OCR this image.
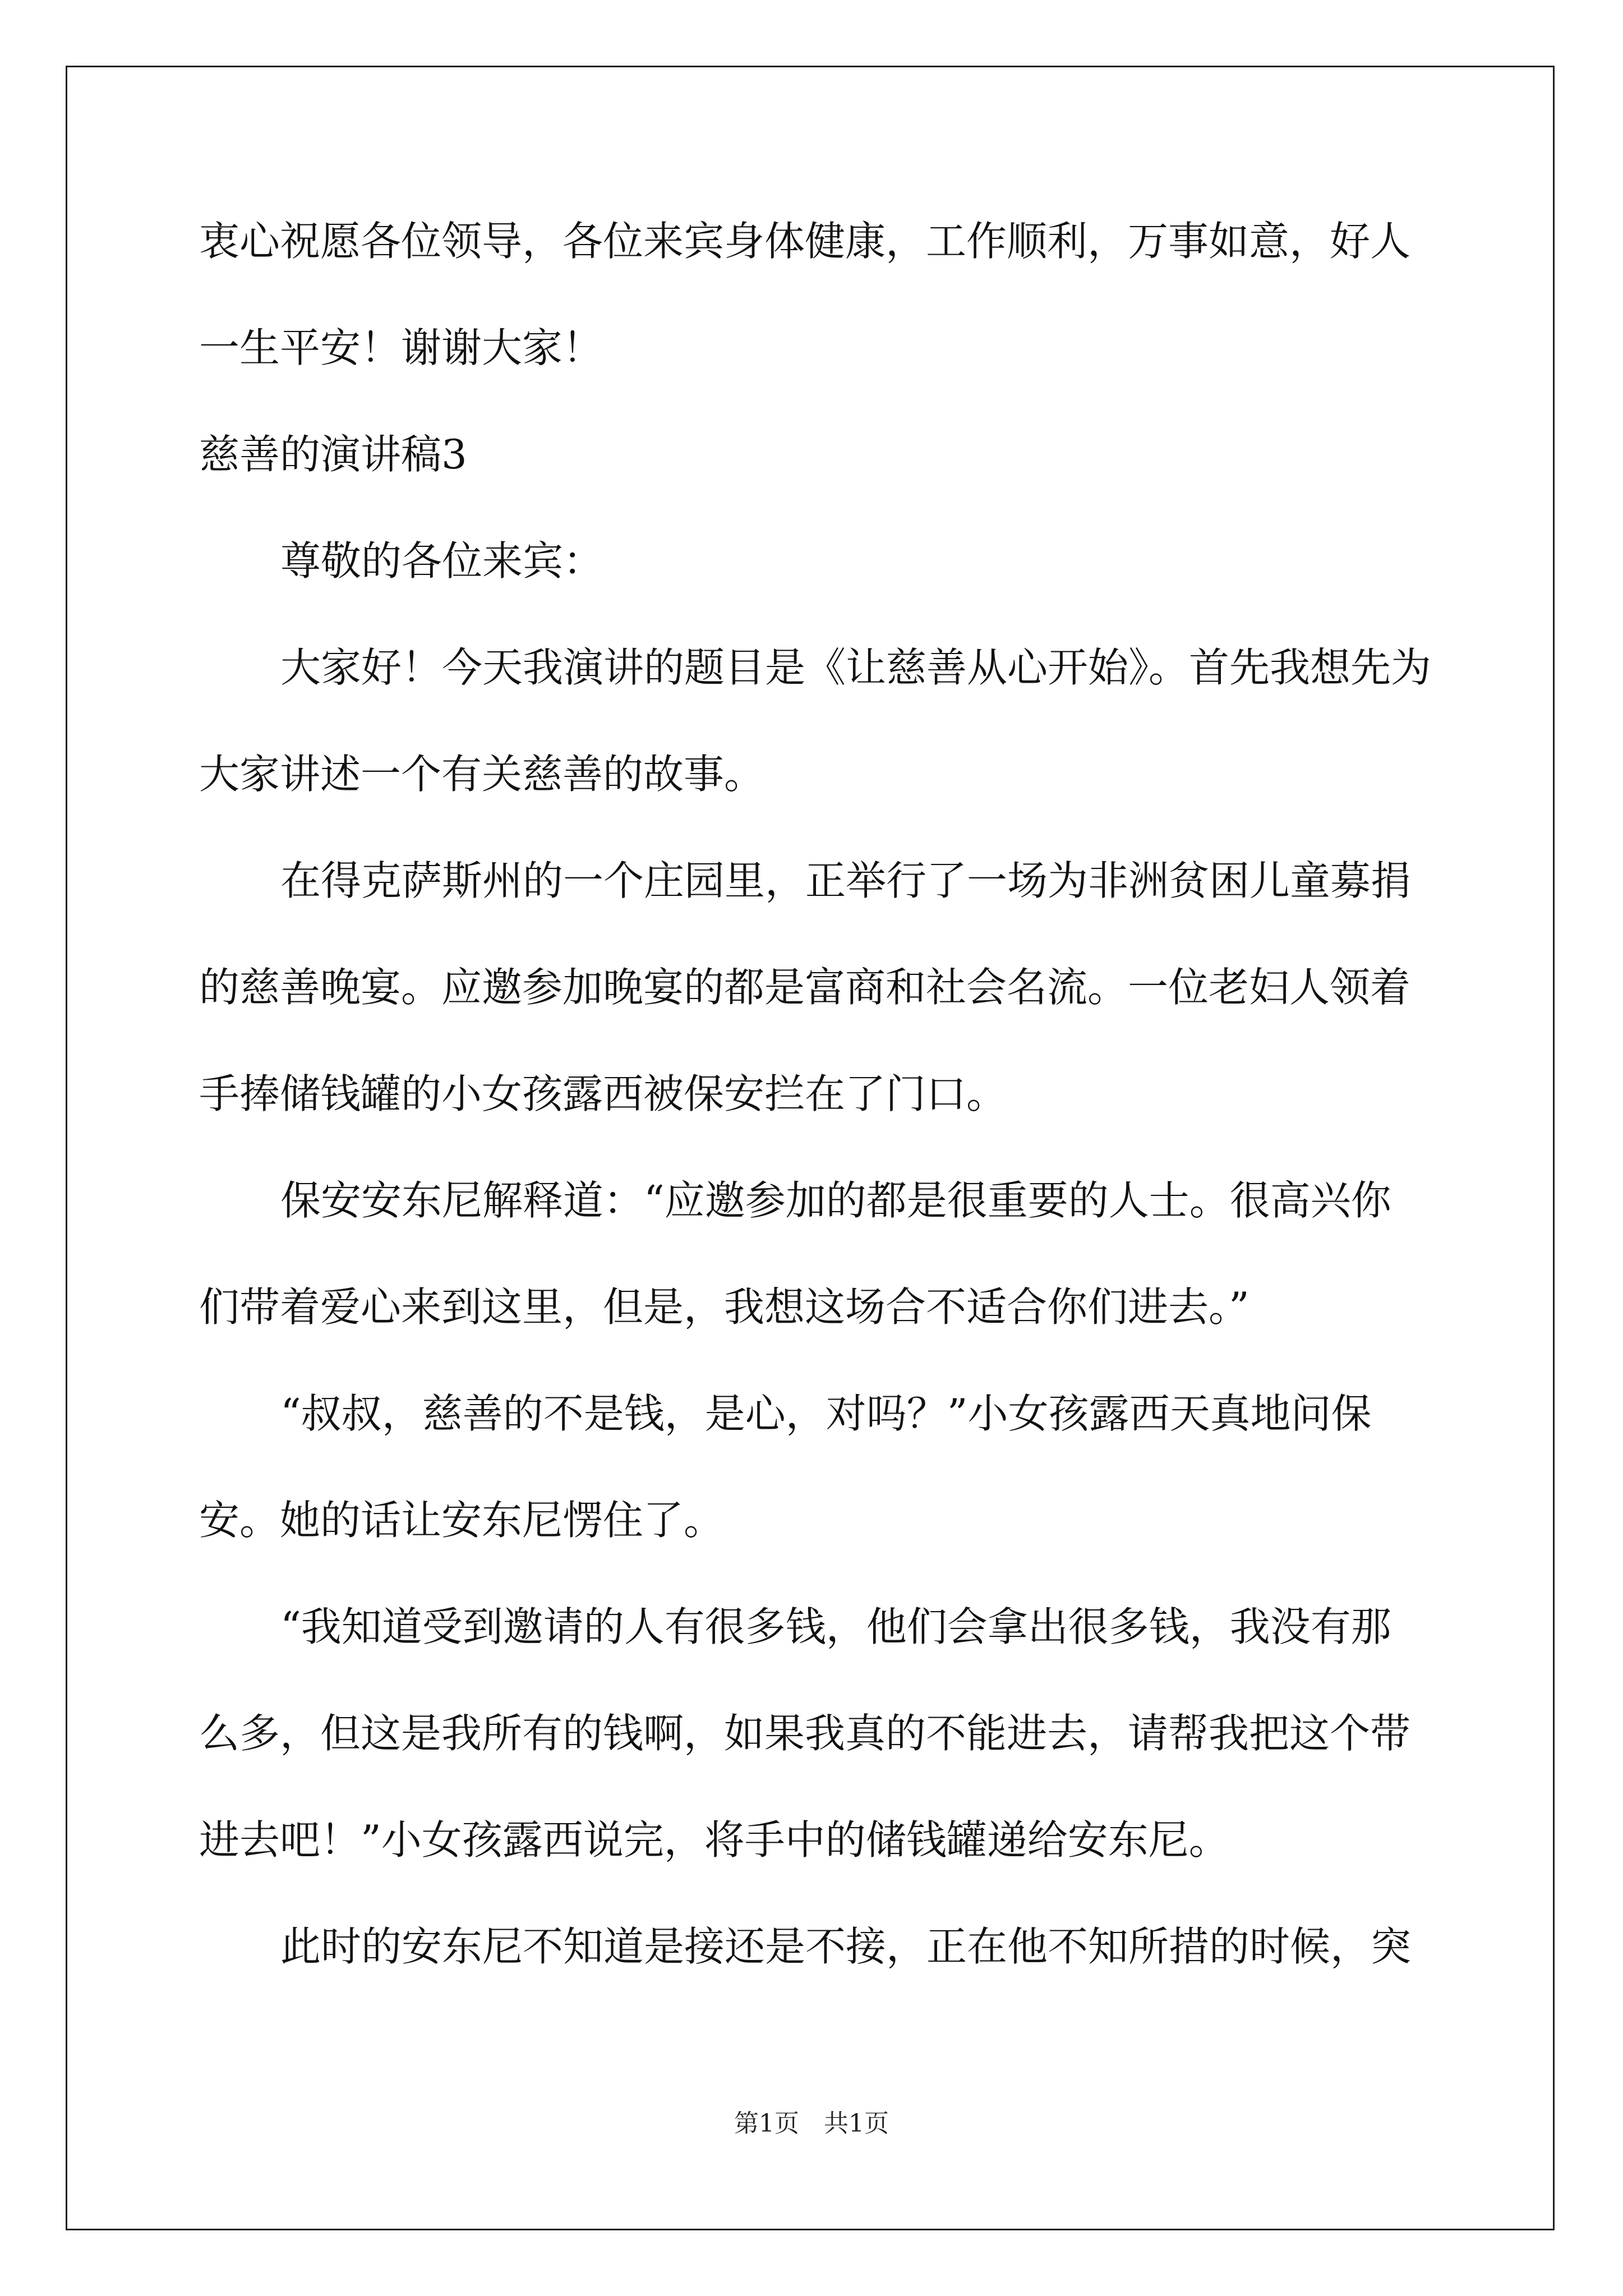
衷心祝愿各位领导，各位来宾身体健康，工作顺利，万事如意，好人
一生平安！谢谢大家！
慈善的演讲稿3
尊敬的各位来宾：
大家好！今天我演讲的题目是《让慈善从心开始》。首先我想先为
大家讲述一个有关慈善的故事。
在得克萨斯州的一个庄园里，正举行了一场为非洲贫困儿童募捐
的慈善晚宴。应邀参加晚宴的都是富商和社会名流。一位老妇人领着
手捧储钱罐的小女孩露西被保安拦在了门口。
保安安东尼解释道：“应邀参加的都是很重要的人士。很高兴你
们带着爱心来到这里，但是，我想这场合不适合你们进去。”
“叔叔，慈善的不是钱，是心，对吗？”小女孩露西天真地问保
安。她的话让安东尼愣住了。
“我知道受到邀请的人有很多钱，他们会拿出很多钱，我没有那
么多，但这是我所有的钱啊，如果我真的不能进去，请帮我把这个带
进去吧！”小女孩露西说完，将手中的储钱罐递给安东尼。
此时的安东尼不知道是接还是不接，正在他不知所措的时候，突
第1页　共1页
